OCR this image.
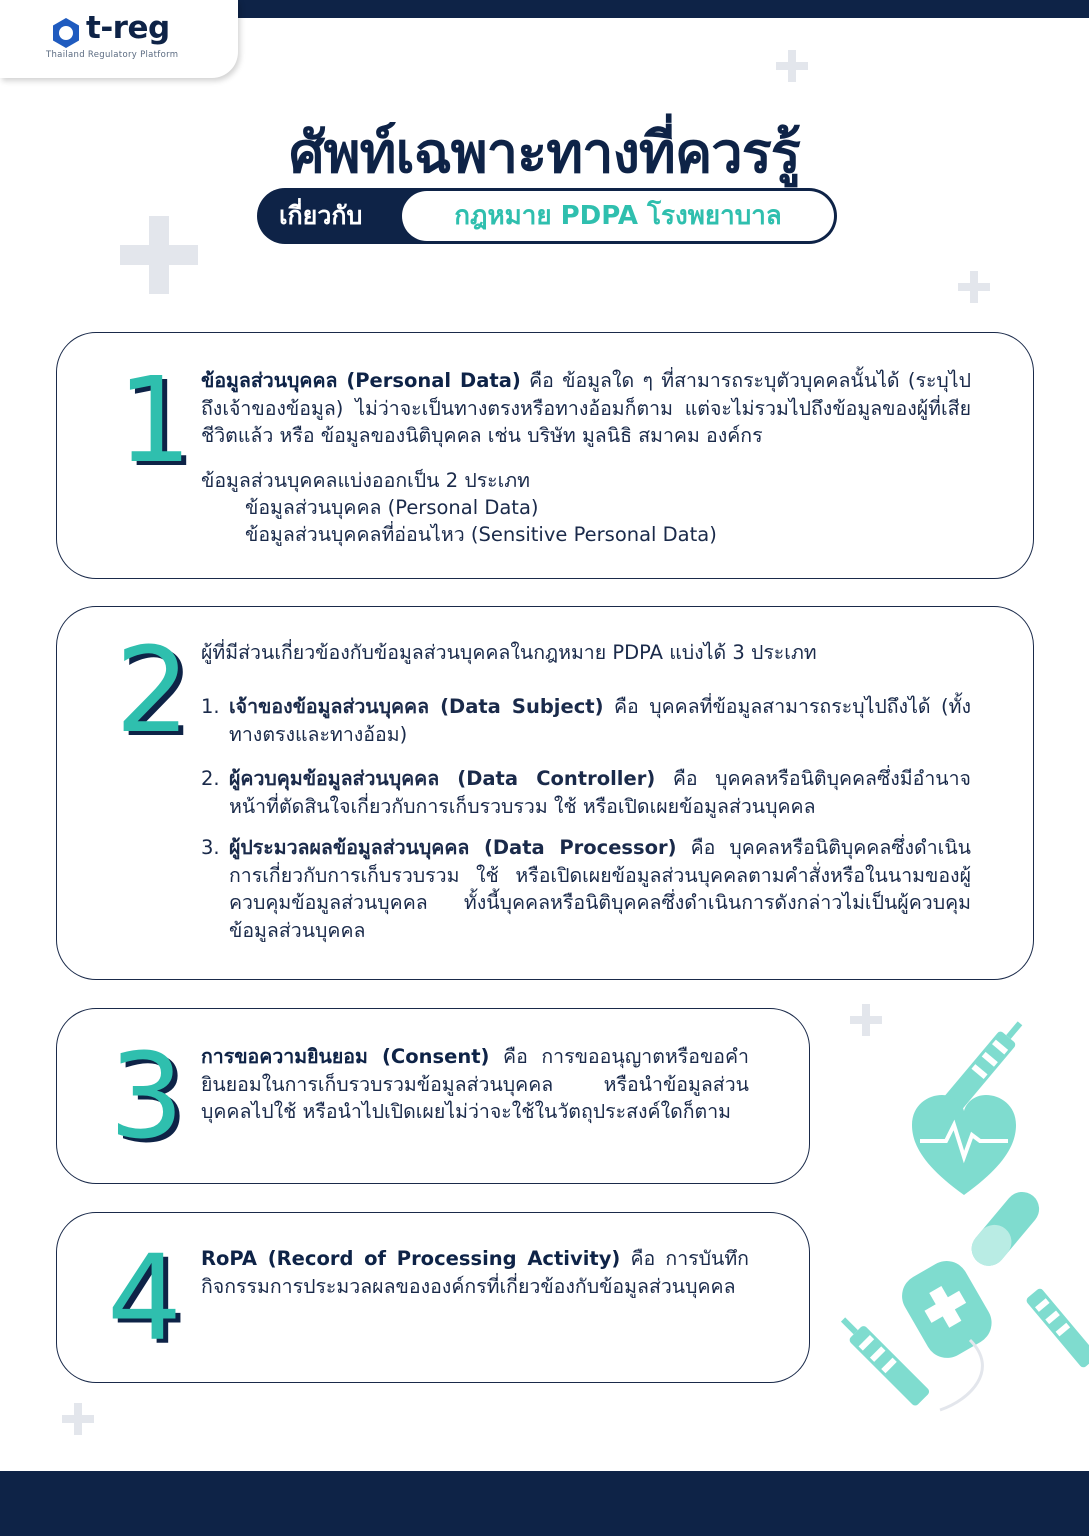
t-reg
Thailand Regulatory Platform
ศัพท์เฉพาะทางที่ควรรู้
เกี่ยวกับ	กฎหมาย PDPA โรงพยาบาล
1 ข้อมูลส่วนบุคคล (Personal Data) คือ ข้อมูลใด ๆ ที่สามารถระบุตัวบุคคลนั้นได้ (ระบุไปถึงเจ้าของข้อมูล) ไม่ว่าจะเป็นทางตรงหรือทางอ้อมก็ตาม แต่จะไม่รวมไปถึงข้อมูลของผู้ที่เสียชีวิตแล้ว หรือ ข้อมูลของนิติบุคคล เช่น บริษัท มูลนิธิ สมาคม องค์กร
ข้อมูลส่วนบุคคลแบ่งออกเป็น 2 ประเภท
ข้อมูลส่วนบุคคล (Personal Data)
ข้อมูลส่วนบุคคลที่อ่อนไหว (Sensitive Personal Data)
2 ผู้ที่มีส่วนเกี่ยวข้องกับข้อมูลส่วนบุคคลในกฎหมาย PDPA แบ่งได้ 3 ประเภท
1. เจ้าของข้อมูลส่วนบุคคล (Data Subject) คือ บุคคลที่ข้อมูลสามารถระบุไปถึงได้ (ทั้งทางตรงและทางอ้อม)
2. ผู้ควบคุมข้อมูลส่วนบุคคล (Data Controller) คือ บุคคลหรือนิติบุคคลซึ่งมีอำนาจหน้าที่ตัดสินใจเกี่ยวกับการเก็บรวบรวม ใช้ หรือเปิดเผยข้อมูลส่วนบุคคล
3. ผู้ประมวลผลข้อมูลส่วนบุคคล (Data Processor) คือ บุคคลหรือนิติบุคคลซึ่งดำเนินการเกี่ยวกับการเก็บรวบรวม ใช้ หรือเปิดเผยข้อมูลส่วนบุคคลตามคำสั่งหรือในนามของผู้ควบคุมข้อมูลส่วนบุคคล ทั้งนี้บุคคลหรือนิติบุคคลซึ่งดำเนินการดังกล่าวไม่เป็นผู้ควบคุมข้อมูลส่วนบุคคล
3 การขอความยินยอม (Consent) คือ การขออนุญาตหรือขอคำยินยอมในการเก็บรวบรวมข้อมูลส่วนบุคคล หรือนำข้อมูลส่วนบุคคลไปใช้ หรือนำไปเปิดเผยไม่ว่าจะใช้ในวัตถุประสงค์ใดก็ตาม
4 RoPA (Record of Processing Activity) คือ การบันทึกกิจกรรมการประมวลผลขององค์กรที่เกี่ยวข้องกับข้อมูลส่วนบุคคล
